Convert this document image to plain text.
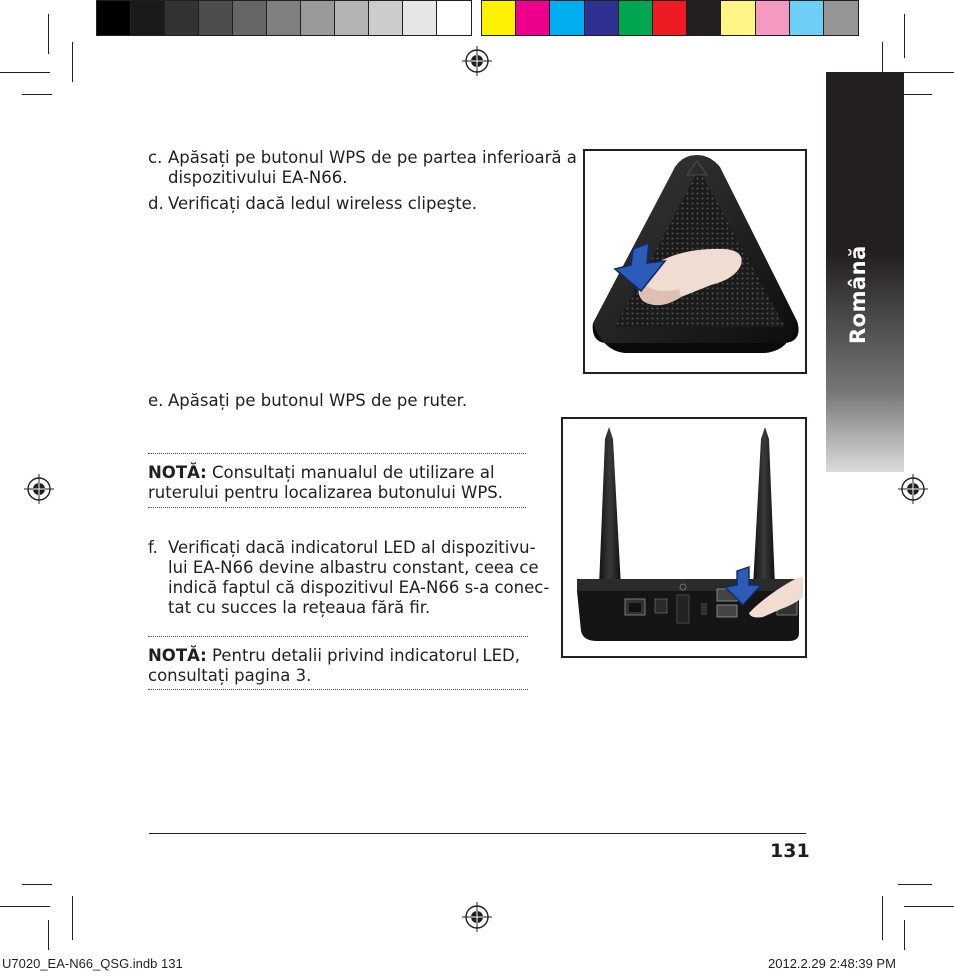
Română
c. Apăsați pe butonul WPS de pe partea inferioară a
dispozitivului EA-N66.
d. Verificați dacă ledul wireless clipeşte.
e. Apăsați pe butonul WPS de pe ruter.
NOTĂ: Consultați manualul de utilizare al
ruterului pentru localizarea butonului WPS.
f. Verificați dacă indicatorul LED al dispozitivu-
lui EA-N66 devine albastru constant, ceea ce
indică faptul că dispozitivul EA-N66 s-a conec-
tat cu succes la rețeaua fără fir.
NOTĂ: Pentru detalii privind indicatorul LED,
consultați pagina 3.
131
U7020_EA-N66_QSG.indb 131	2012.2.29 2:48:39 PM
